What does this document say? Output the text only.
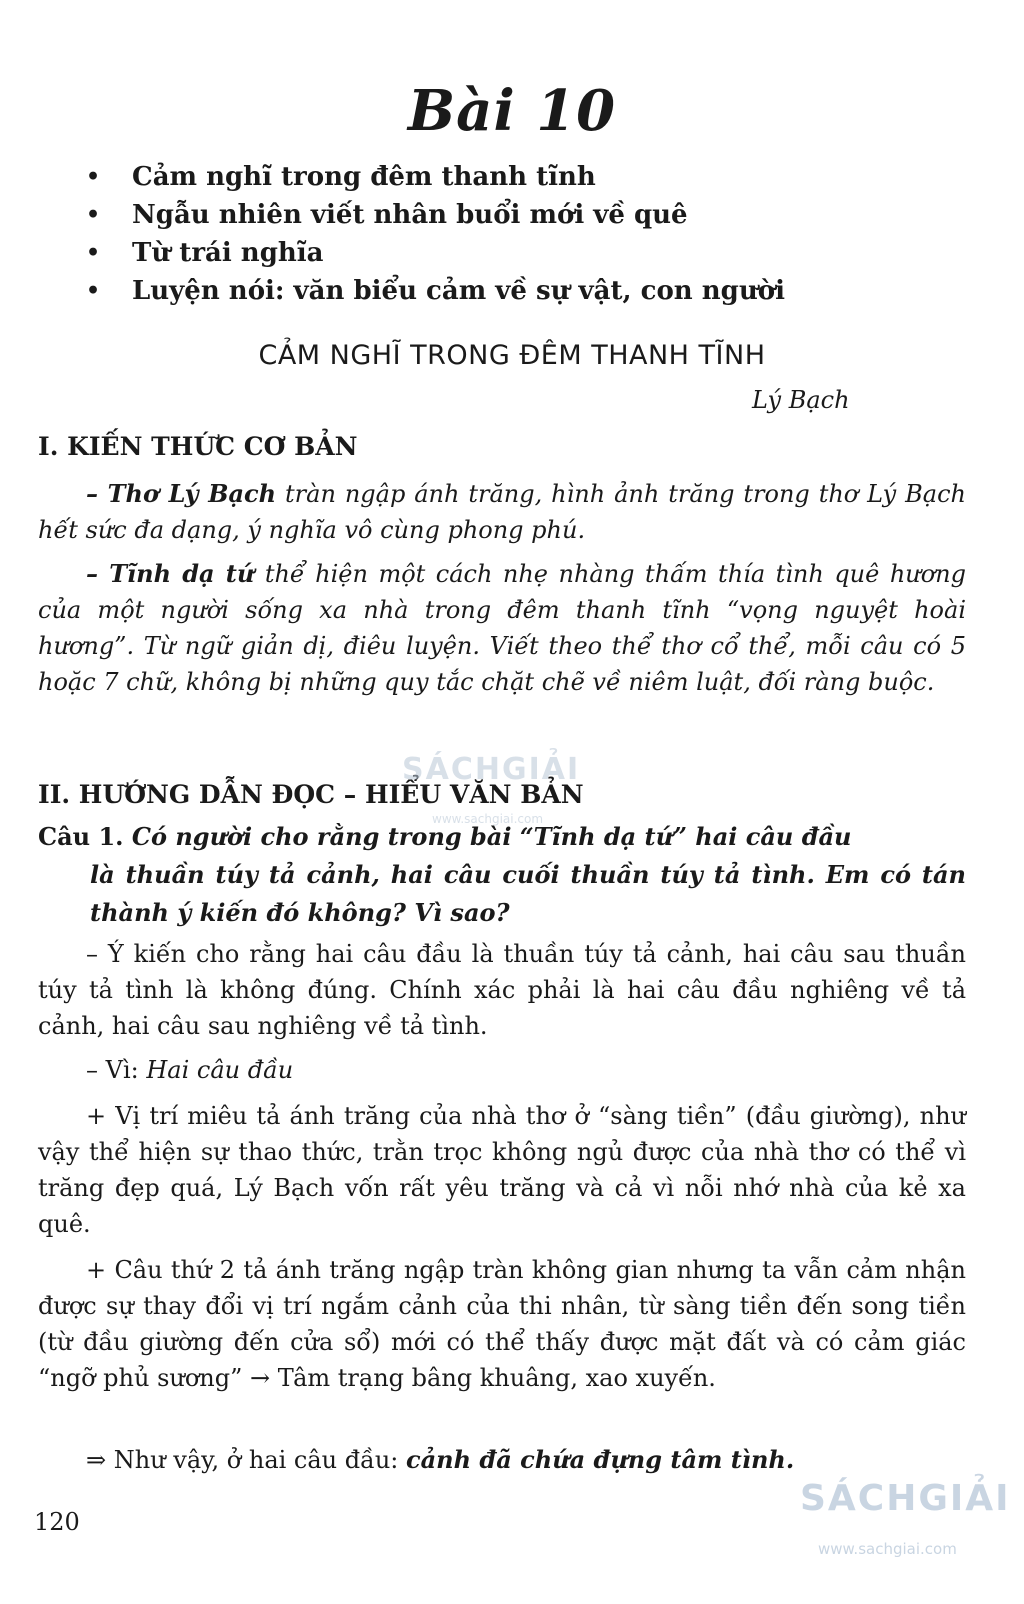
Bài 10
• Cảm nghĩ trong đêm thanh tĩnh
• Ngẫu nhiên viết nhân buổi mới về quê
• Từ trái nghĩa
• Luyện nói: văn biểu cảm về sự vật, con người
CẢM NGHĨ TRONG ĐÊM THANH TĨNH
Lý Bạch
I. KIẾN THỨC CƠ BẢN
– Thơ Lý Bạch tràn ngập ánh trăng, hình ảnh trăng trong thơ Lý Bạch hết sức đa dạng, ý nghĩa vô cùng phong phú.
– Tĩnh dạ tứ thể hiện một cách nhẹ nhàng thấm thía tình quê hương của một người sống xa nhà trong đêm thanh tĩnh “vọng nguyệt hoài hương”. Từ ngữ giản dị, điêu luyện. Viết theo thể thơ cổ thể, mỗi câu có 5 hoặc 7 chữ, không bị những quy tắc chặt chẽ về niêm luật, đối ràng buộc.
II. HƯỚNG DẪN ĐỌC – HIỂU VĂN BẢN
Câu 1. Có người cho rằng trong bài “Tĩnh dạ tứ” hai câu đầu
là thuần túy tả cảnh, hai câu cuối thuần túy tả tình. Em có tán thành ý kiến đó không? Vì sao?
– Ý kiến cho rằng hai câu đầu là thuần túy tả cảnh, hai câu sau thuần túy tả tình là không đúng. Chính xác phải là hai câu đầu nghiêng về tả cảnh, hai câu sau nghiêng về tả tình.
– Vì: Hai câu đầu
+ Vị trí miêu tả ánh trăng của nhà thơ ở “sàng tiền” (đầu giường), như vậy thể hiện sự thao thức, trằn trọc không ngủ được của nhà thơ có thể vì trăng đẹp quá, Lý Bạch vốn rất yêu trăng và cả vì nỗi nhớ nhà của kẻ xa quê.
+ Câu thứ 2 tả ánh trăng ngập tràn không gian nhưng ta vẫn cảm nhận được sự thay đổi vị trí ngắm cảnh của thi nhân, từ sàng tiền đến song tiền (từ đầu giường đến cửa sổ) mới có thể thấy được mặt đất và có cảm giác “ngỡ phủ sương” → Tâm trạng bâng khuâng, xao xuyến.
⇒ Như vậy, ở hai câu đầu: cảnh đã chứa đựng tâm tình.
120
SÁCHGIẢI
www.sachgiai.com
SÁCHGIẢI
www.sachgiai.com
